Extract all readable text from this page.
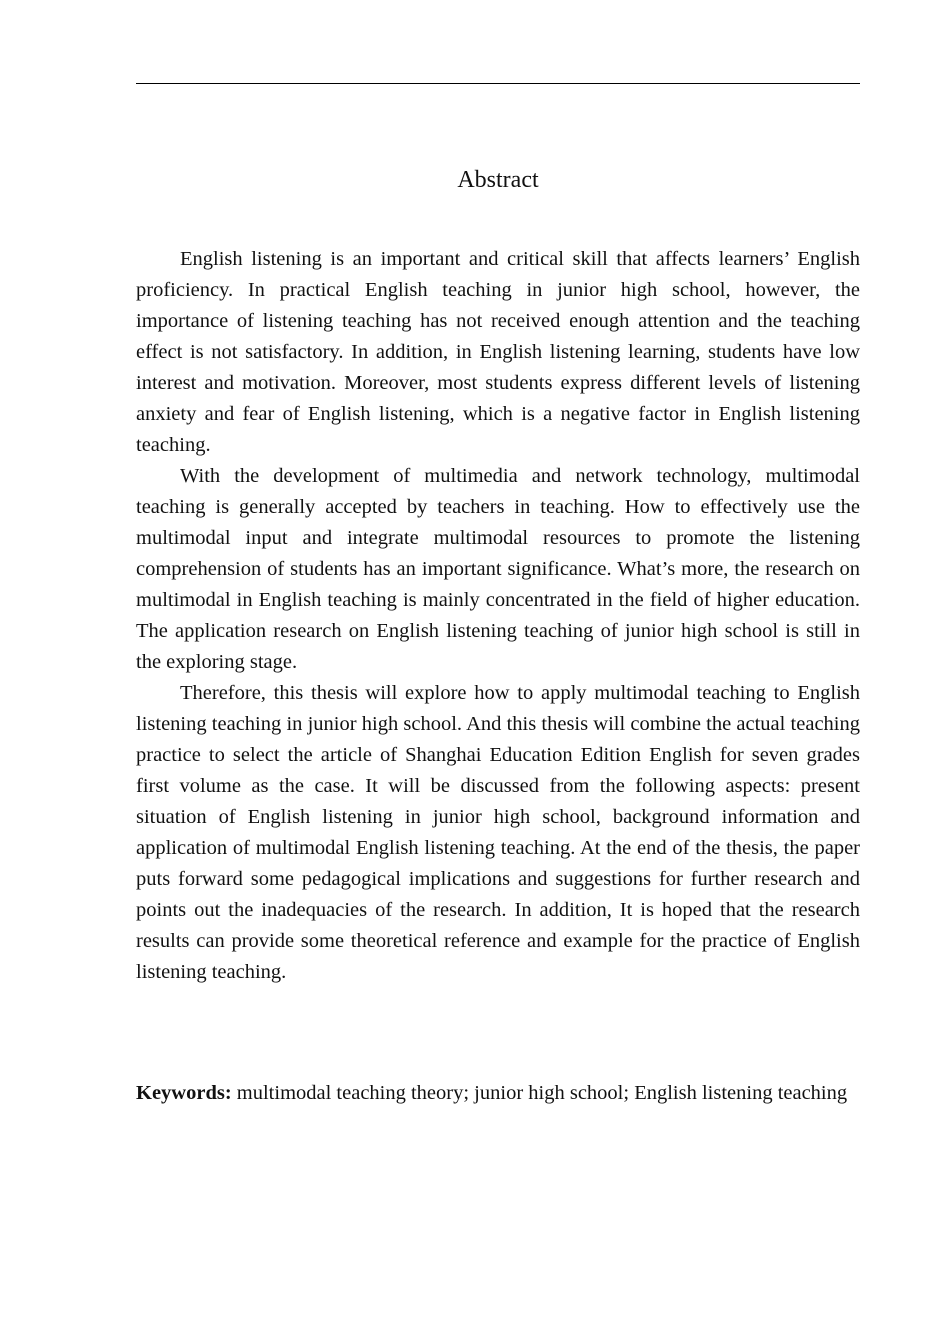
Abstract

English listening is an important and critical skill that affects learners’ English proficiency. In practical English teaching in junior high school, however, the importance of listening teaching has not received enough attention and the teaching effect is not satisfactory. In addition, in English listening learning, students have low interest and motivation. Moreover, most students express different levels of listening anxiety and fear of English listening, which is a negative factor in English listening teaching.

With the development of multimedia and network technology, multimodal teaching is generally accepted by teachers in teaching. How to effectively use the multimodal input and integrate multimodal resources to promote the listening comprehension of students has an important significance. What’s more, the research on multimodal in English teaching is mainly concentrated in the field of higher education. The application research on English listening teaching of junior high school is still in the exploring stage.

Therefore, this thesis will explore how to apply multimodal teaching to English listening teaching in junior high school. And this thesis will combine the actual teaching practice to select the article of Shanghai Education Edition English for seven grades first volume as the case. It will be discussed from the following aspects: present situation of English listening in junior high school, background information and application of multimodal English listening teaching. At the end of the thesis, the paper puts forward some pedagogical implications and suggestions for further research and points out the inadequacies of the research. In addition, It is hoped that the research results can provide some theoretical reference and example for the practice of English listening teaching.

Keywords: multimodal teaching theory; junior high school; English listening teaching
